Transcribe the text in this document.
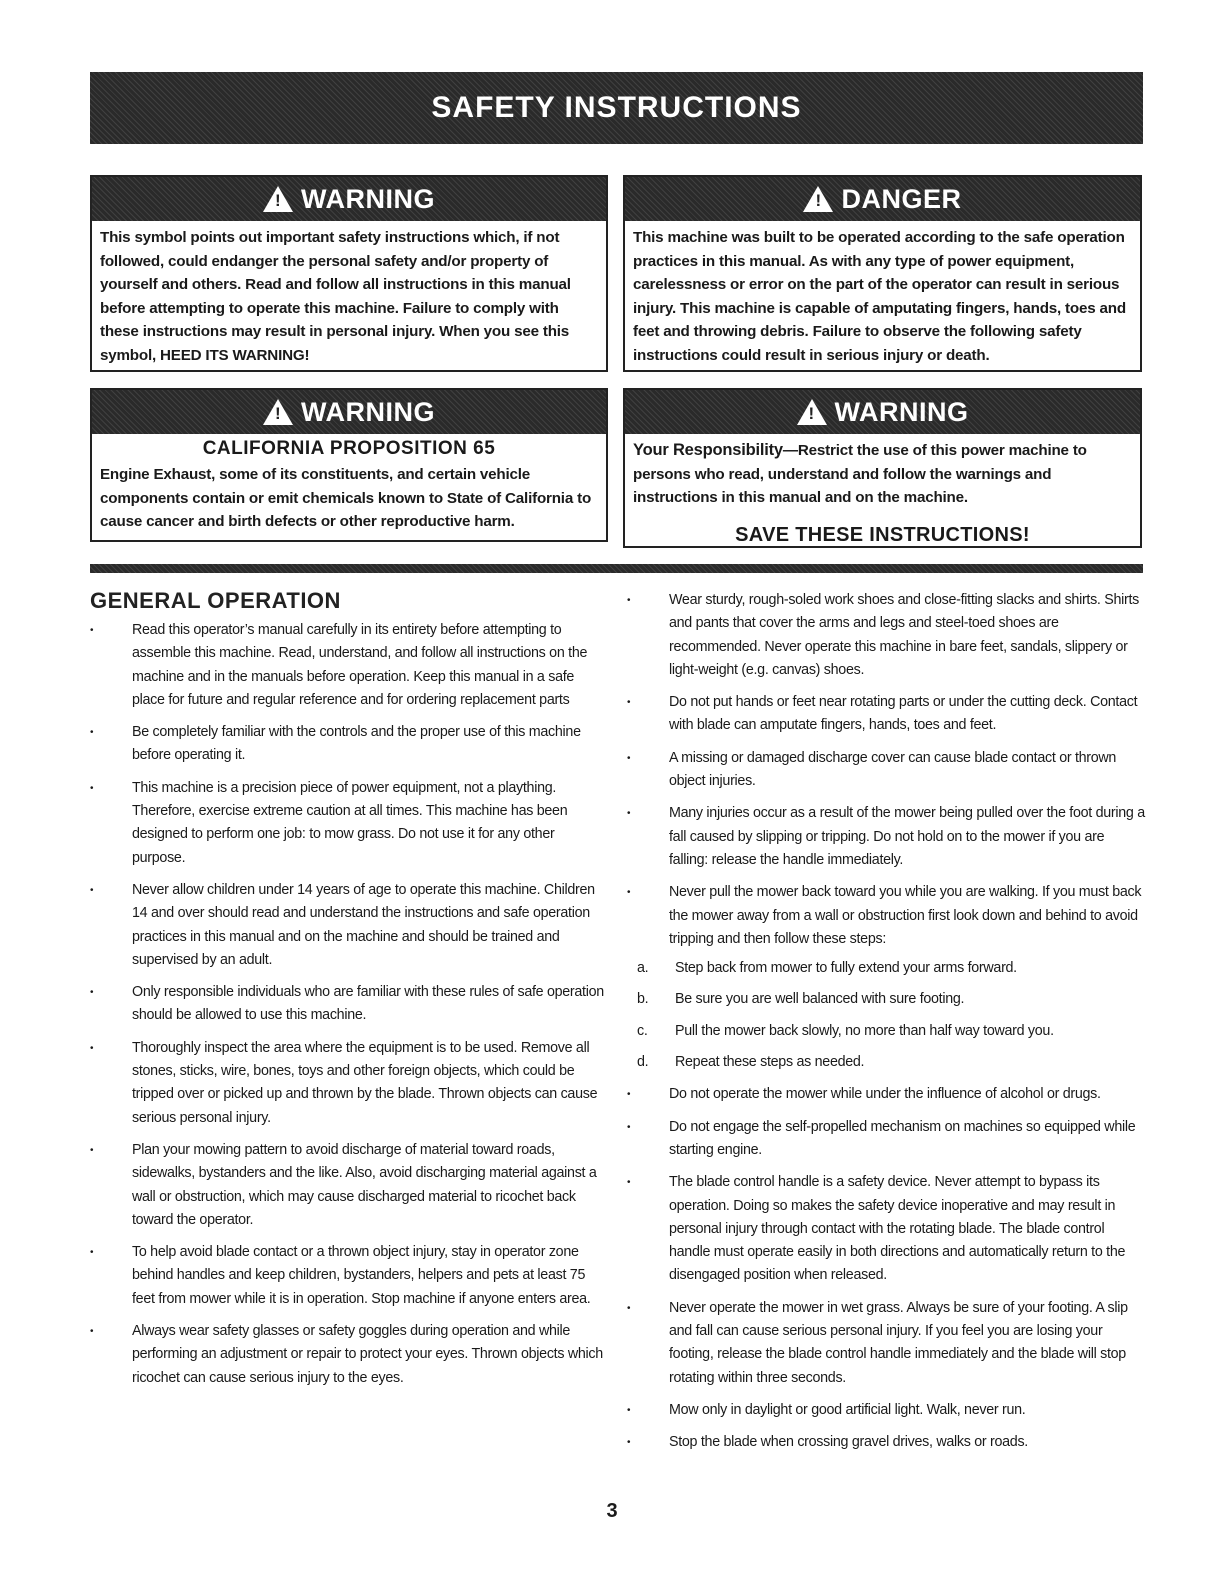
SAFETY INSTRUCTIONS
!
WARNING
This symbol points out important safety instructions which, if not followed, could endanger the personal safety and/or property of yourself and others. Read and follow all instructions in this manual before attempting to operate this machine. Failure to comply with these instructions may result in personal injury. When you see this symbol, HEED ITS WARNING!
!
DANGER
This machine was built to be operated according to the safe operation practices in this manual. As with any type of power equipment, carelessness or error on the part of the operator can result in serious injury. This machine is capable of amputating fingers, hands, toes and feet and throwing debris. Failure to observe the following safety instructions could result in serious injury or death.
!
WARNING
CALIFORNIA PROPOSITION 65
Engine Exhaust, some of its constituents, and certain vehicle components contain or emit chemicals known to State of California to cause cancer and birth defects or other reproductive harm.
!
WARNING
Your Responsibility—Restrict the use of this power machine to persons who read, understand and follow the warnings and instructions in this manual and on the machine.
SAVE THESE INSTRUCTIONS!
GENERAL OPERATION
• Read this operator’s manual carefully in its entirety before attempting to assemble this machine. Read, understand, and follow all instructions on the machine and in the manuals before operation. Keep this manual in a safe place for future and regular reference and for ordering replacement parts
• Be completely familiar with the controls and the proper use of this machine before operating it.
• This machine is a precision piece of power equipment, not a plaything. Therefore, exercise extreme caution at all times. This machine has been designed to perform one job: to mow grass. Do not use it for any other purpose.
• Never allow children under 14 years of age to operate this machine. Children 14 and over should read and understand the instructions and safe operation practices in this manual and on the machine and should be trained and supervised by an adult.
• Only responsible individuals who are familiar with these rules of safe operation should be allowed to use this machine.
• Thoroughly inspect the area where the equipment is to be used. Remove all stones, sticks, wire, bones, toys and other foreign objects, which could be tripped over or picked up and thrown by the blade. Thrown objects can cause serious personal injury.
• Plan your mowing pattern to avoid discharge of material toward roads, sidewalks, bystanders and the like. Also, avoid discharging material against a wall or obstruction, which may cause discharged material to ricochet back toward the operator.
• To help avoid blade contact or a thrown object injury, stay in operator zone behind handles and keep children, bystanders, helpers and pets at least 75 feet from mower while it is in operation. Stop machine if anyone enters area.
• Always wear safety glasses or safety goggles during operation and while performing an adjustment or repair to protect your eyes. Thrown objects which ricochet can cause serious injury to the eyes.
• Wear sturdy, rough-soled work shoes and close-fitting slacks and shirts. Shirts and pants that cover the arms and legs and steel-toed shoes are recommended. Never operate this machine in bare feet, sandals, slippery or light-weight (e.g. canvas) shoes.
• Do not put hands or feet near rotating parts or under the cutting deck. Contact with blade can amputate fingers, hands, toes and feet.
• A missing or damaged discharge cover can cause blade contact or thrown object injuries.
• Many injuries occur as a result of the mower being pulled over the foot during a fall caused by slipping or tripping. Do not hold on to the mower if you are falling: release the handle immediately.
• Never pull the mower back toward you while you are walking. If you must back the mower away from a wall or obstruction first look down and behind to avoid tripping and then follow these steps:
a. Step back from mower to fully extend your arms forward.
b. Be sure you are well balanced with sure footing.
c. Pull the mower back slowly, no more than half way toward you.
d. Repeat these steps as needed.
• Do not operate the mower while under the influence of alcohol or drugs.
• Do not engage the self-propelled mechanism on machines so equipped while starting engine.
• The blade control handle is a safety device. Never attempt to bypass its operation. Doing so makes the safety device inoperative and may result in personal injury through contact with the rotating blade. The blade control handle must operate easily in both directions and automatically return to the disengaged position when released.
• Never operate the mower in wet grass. Always be sure of your footing. A slip and fall can cause serious personal injury. If you feel you are losing your footing, release the blade control handle immediately and the blade will stop rotating within three seconds.
• Mow only in daylight or good artificial light. Walk, never run.
• Stop the blade when crossing gravel drives, walks or roads.
3
